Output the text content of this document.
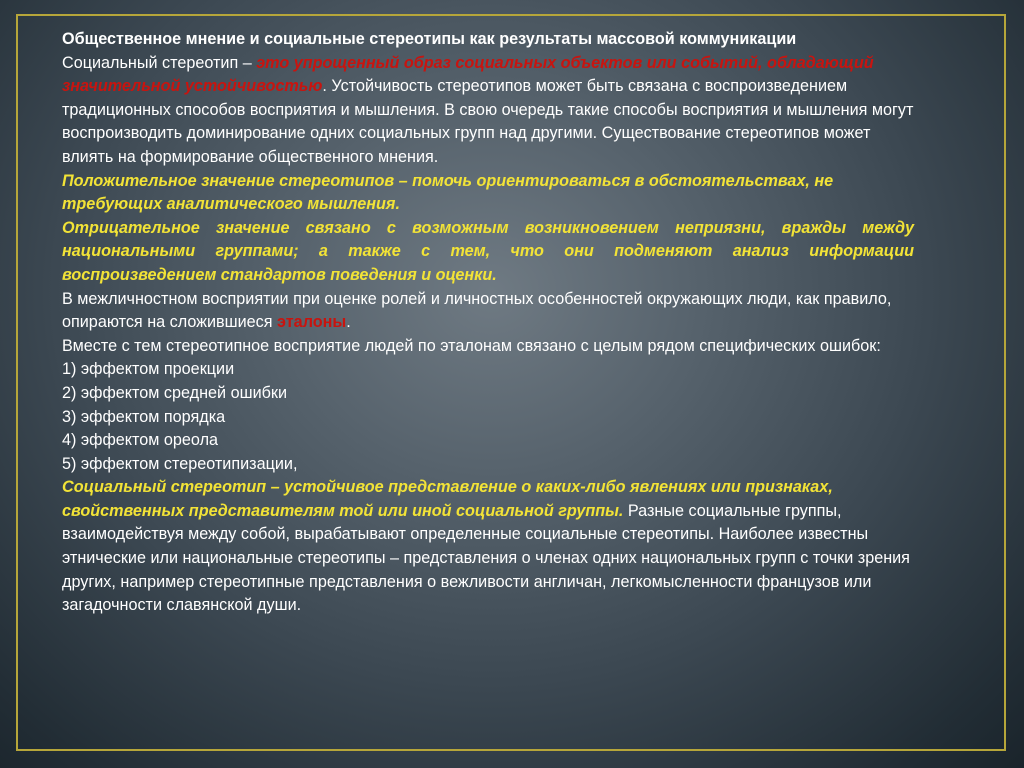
Общественное мнение и социальные стереотипы как результаты массовой коммуникации

Социальный стереотип – это упрощенный образ социальных объектов или событий, обладающий значительной устойчивостью. Устойчивость стереотипов может быть связана с воспроизведением традиционных способов восприятия и мышления. В свою очередь такие способы восприятия и мышления могут воспроизводить доминирование одних социальных групп над другими. Существование стереотипов может влиять на формирование общественного мнения.

Положительное значение стереотипов – помочь ориентироваться в обстоятельствах, не требующих аналитического мышления.

Отрицательное значение связано с возможным возникновением неприязни, вражды между национальными группами; а также с тем, что они подменяют анализ информации воспроизведением стандартов поведения и оценки.

В межличностном восприятии при оценке ролей и личностных особенностей окружающих люди, как правило, опираются на сложившиеся эталоны.

Вместе с тем стереотипное восприятие людей по эталонам связано с целым рядом специфических ошибок:

1) эффектом проекции

2) эффектом средней ошибки

3) эффектом порядка

4) эффектом ореола

5) эффектом стереотипизации,

Социальный стереотип – устойчивое представление о каких-либо явлениях или признаках, свойственных представителям той или иной социальной группы. Разные социальные группы, взаимодействуя между собой, вырабатывают определенные социальные стереотипы. Наиболее известны этнические или национальные стереотипы – представления о членах одних национальных групп с точки зрения других, например стереотипные представления о вежливости англичан, легкомысленности французов или загадочности славянской души.
